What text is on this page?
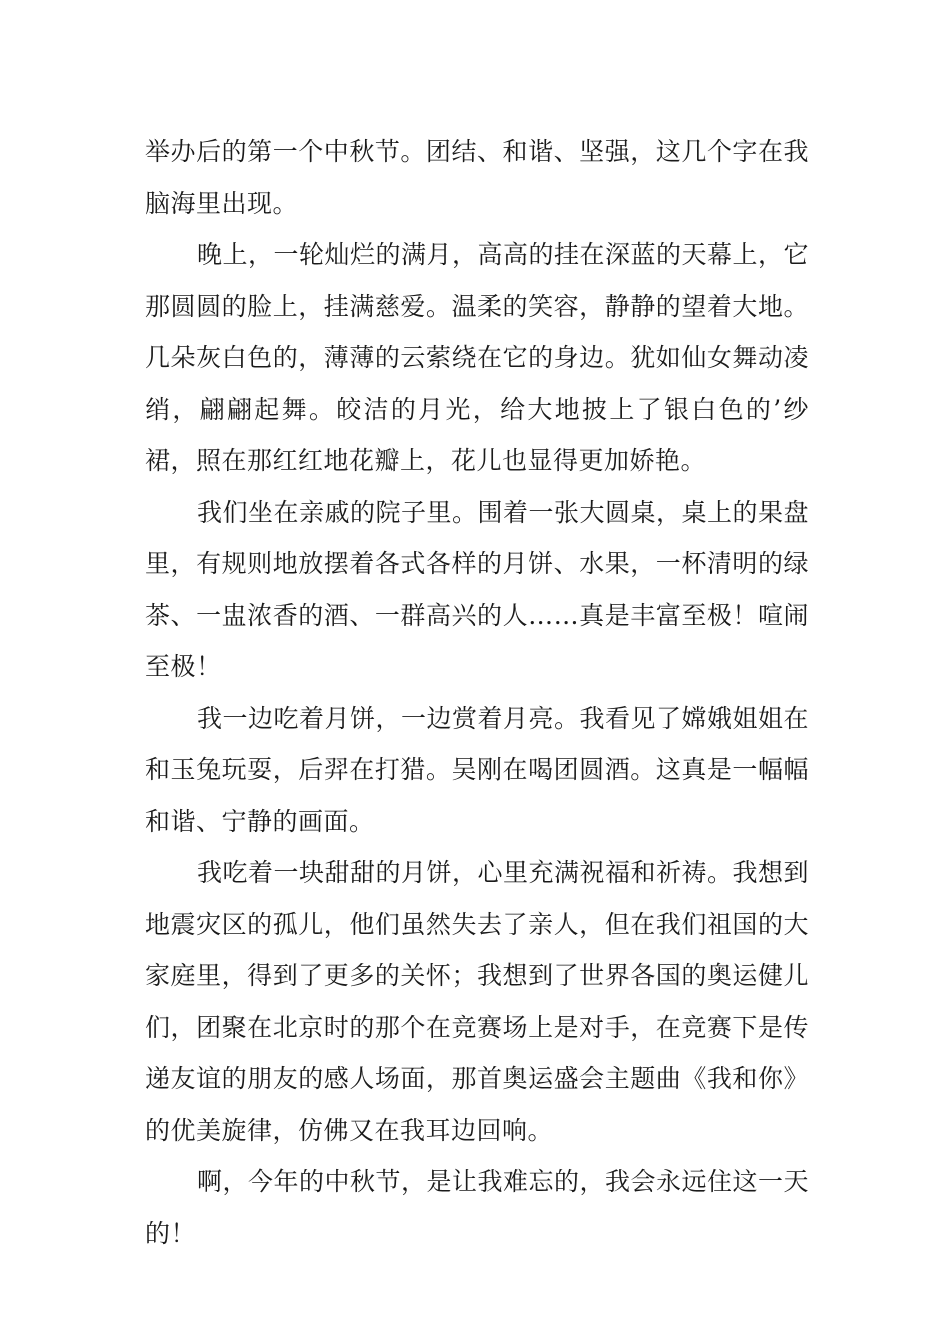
举办后的第一个中秋节。团结、和谐、坚强，这几个字在我脑海里出现。

晚上，一轮灿烂的满月，高高的挂在深蓝的天幕上，它那圆圆的脸上，挂满慈爱。温柔的笑容，静静的望着大地。几朵灰白色的，薄薄的云萦绕在它的身边。犹如仙女舞动凌绡，翩翩起舞。皎洁的月光，给大地披上了银白色的’纱裙，照在那红红地花瓣上，花儿也显得更加娇艳。

我们坐在亲戚的院子里。围着一张大圆桌，桌上的果盘里，有规则地放摆着各式各样的月饼、水果，一杯清明的绿茶、一盅浓香的酒、一群高兴的人……真是丰富至极！喧闹至极！

我一边吃着月饼，一边赏着月亮。我看见了嫦娥姐姐在和玉兔玩耍，后羿在打猎。吴刚在喝团圆酒。这真是一幅幅和谐、宁静的画面。

我吃着一块甜甜的月饼，心里充满祝福和祈祷。我想到地震灾区的孤儿，他们虽然失去了亲人，但在我们祖国的大家庭里，得到了更多的关怀；我想到了世界各国的奥运健儿们，团聚在北京时的那个在竞赛场上是对手，在竞赛下是传递友谊的朋友的感人场面，那首奥运盛会主题曲《我和你》的优美旋律，仿佛又在我耳边回响。

啊，今年的中秋节，是让我难忘的，我会永远住这一天的！
